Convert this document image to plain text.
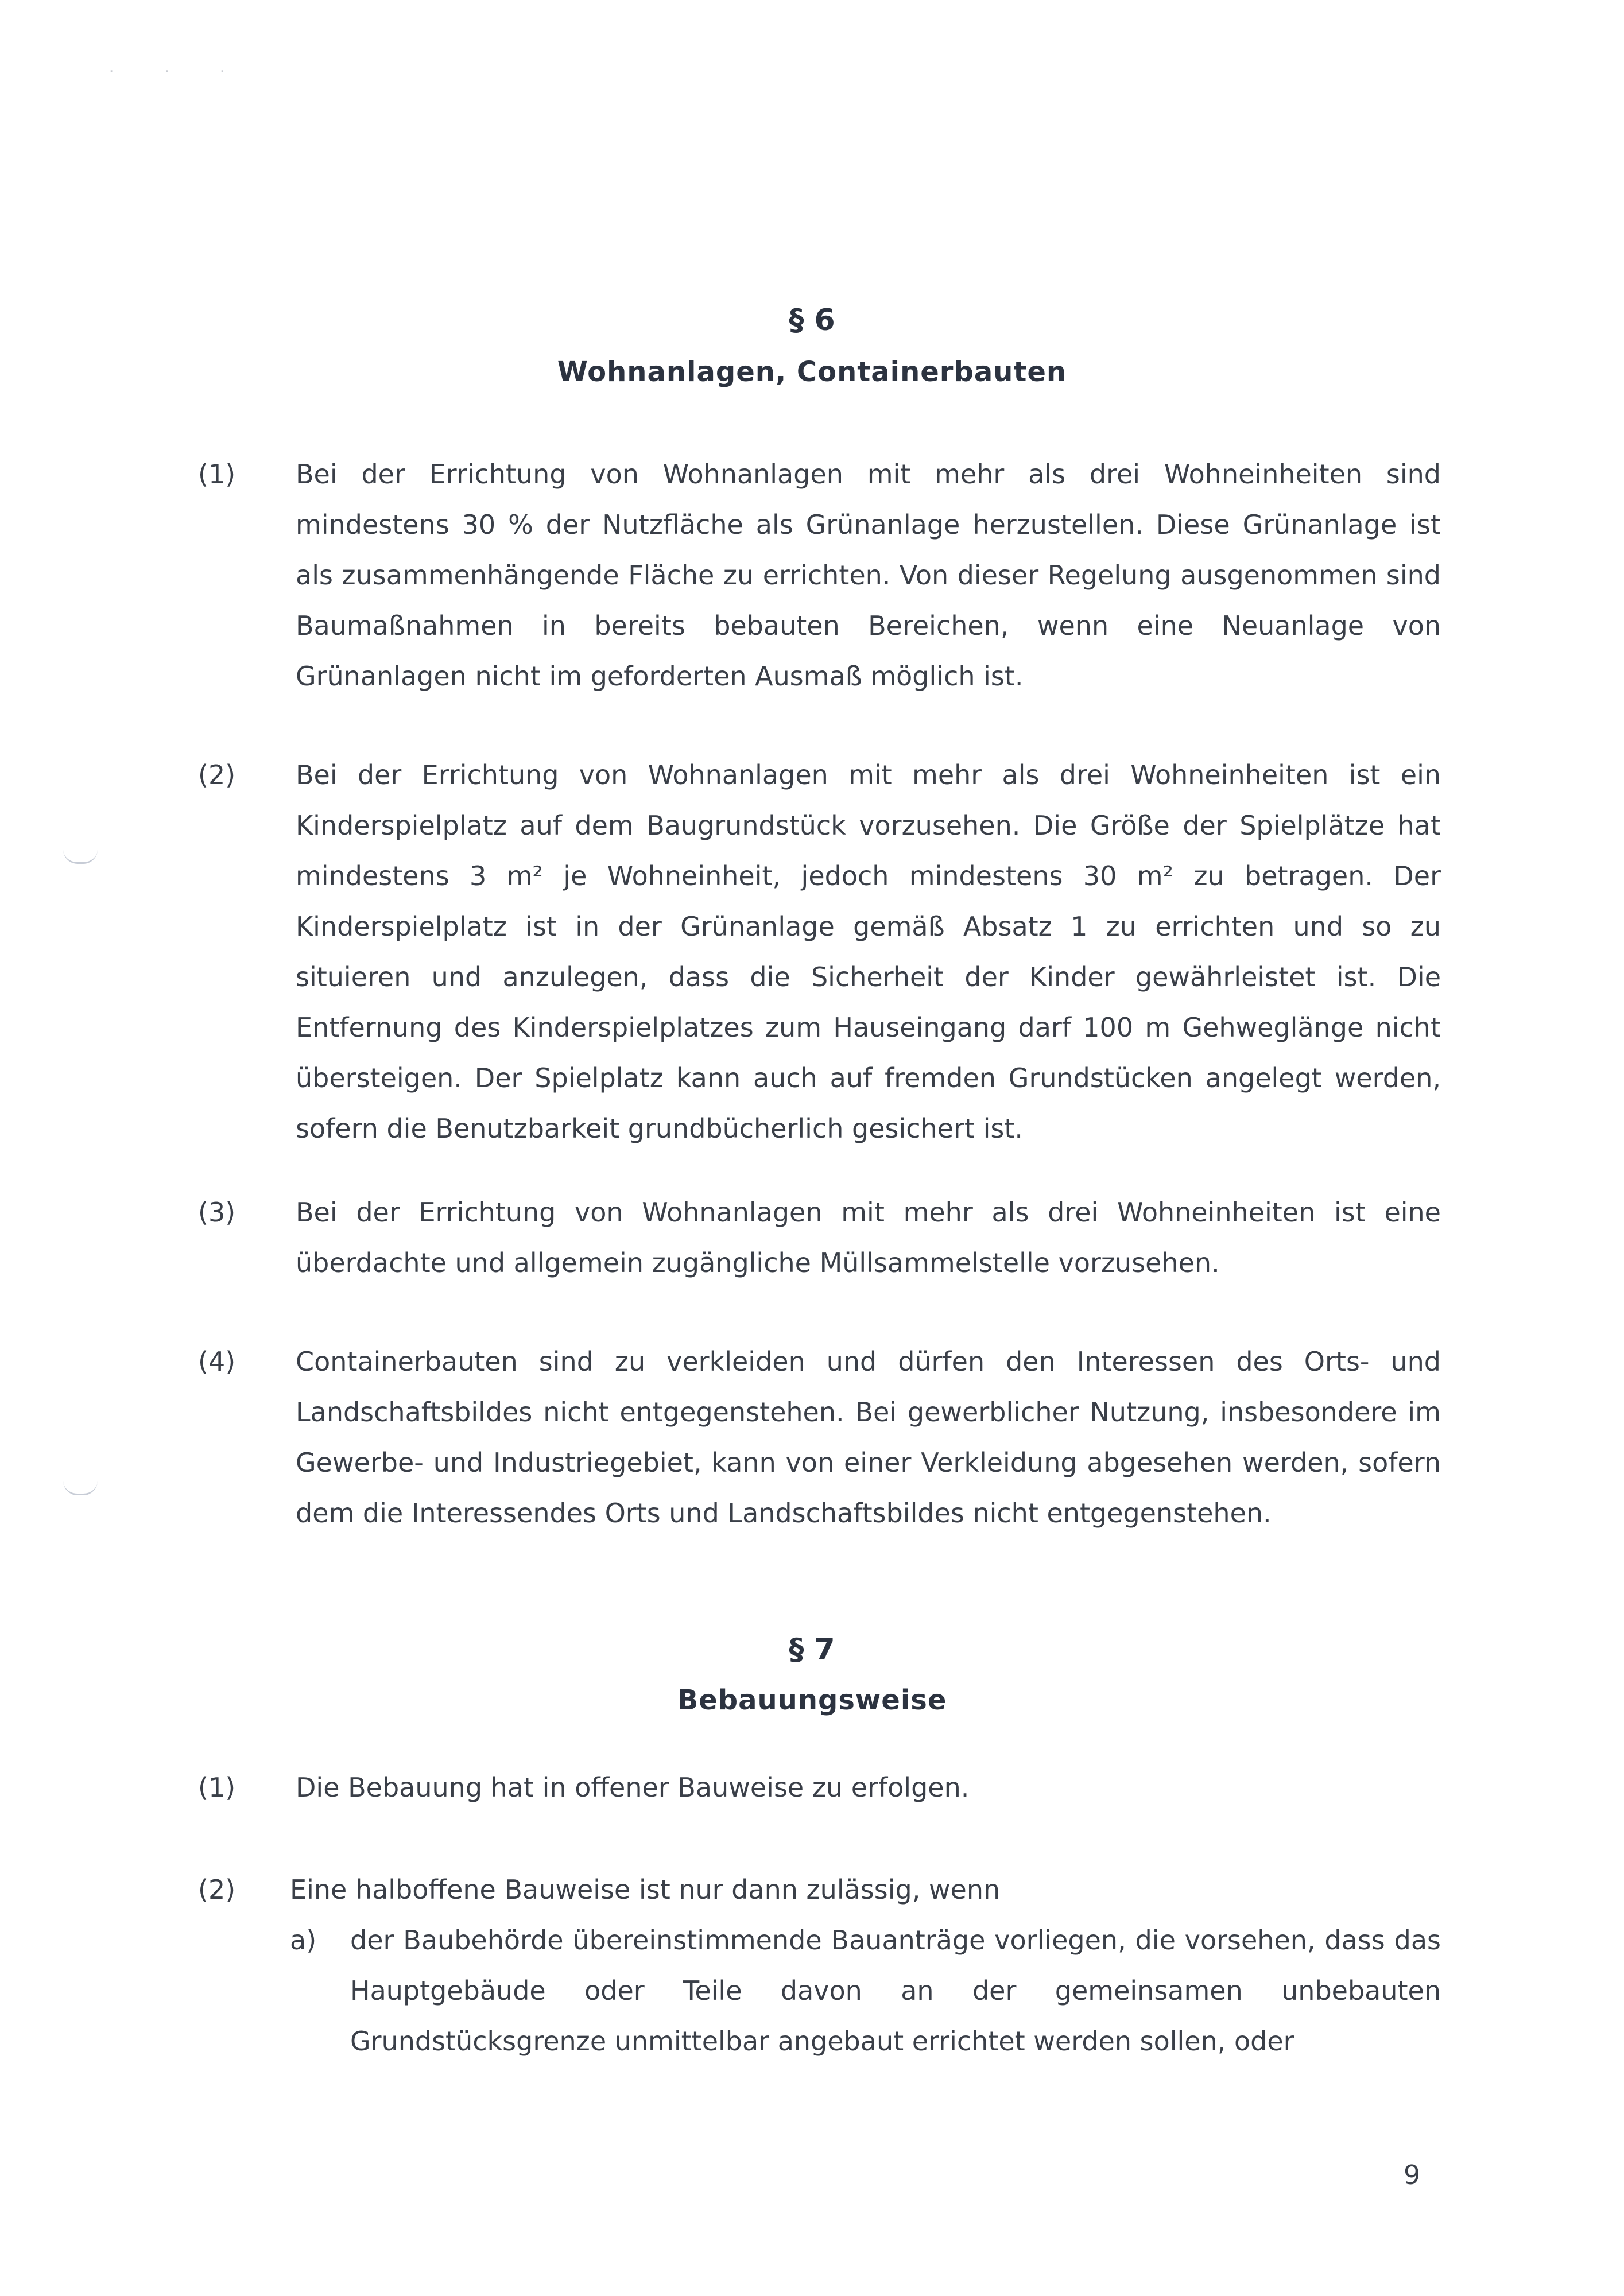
· · ·
§ 6
Wohnanlagen, Containerbauten
(1) Bei der Errichtung von Wohnanlagen mit mehr als drei Wohneinheiten sind mindestens 30 % der Nutzfläche als Grünanlage herzustellen. Diese Grünanlage ist als zusammenhängende Fläche zu errichten. Von dieser Regelung ausgenommen sind Baumaßnahmen in bereits bebauten Bereichen, wenn eine Neuanlage von Grünanlagen nicht im geforderten Ausmaß möglich ist.
(2) Bei der Errichtung von Wohnanlagen mit mehr als drei Wohneinheiten ist ein Kinderspielplatz auf dem Baugrundstück vorzusehen. Die Größe der Spielplätze hat mindestens 3 m² je Wohneinheit, jedoch mindestens 30 m² zu betragen. Der Kinderspielplatz ist in der Grünanlage gemäß Absatz 1 zu errichten und so zu situieren und anzulegen, dass die Sicherheit der Kinder gewährleistet ist. Die Entfernung des Kinderspielplatzes zum Hauseingang darf 100 m Gehweglänge nicht übersteigen. Der Spielplatz kann auch auf fremden Grundstücken angelegt werden, sofern die Benutzbarkeit grundbücherlich gesichert ist.
(3) Bei der Errichtung von Wohnanlagen mit mehr als drei Wohneinheiten ist eine überdachte und allgemein zugängliche Müllsammelstelle vorzusehen.
(4) Containerbauten sind zu verkleiden und dürfen den Interessen des Orts- und Landschaftsbildes nicht entgegenstehen. Bei gewerblicher Nutzung, insbesondere im Gewerbe- und Industriegebiet, kann von einer Verkleidung abgesehen werden, sofern dem die Interessendes Orts und Landschaftsbildes nicht entgegenstehen.
§ 7
Bebauungsweise
(1) Die Bebauung hat in offener Bauweise zu erfolgen.
(2) Eine halboffene Bauweise ist nur dann zulässig, wenn
a) der Baubehörde übereinstimmende Bauanträge vorliegen, die vorsehen, dass das Hauptgebäude oder Teile davon an der gemeinsamen unbebauten Grundstücksgrenze unmittelbar angebaut errichtet werden sollen, oder
9
